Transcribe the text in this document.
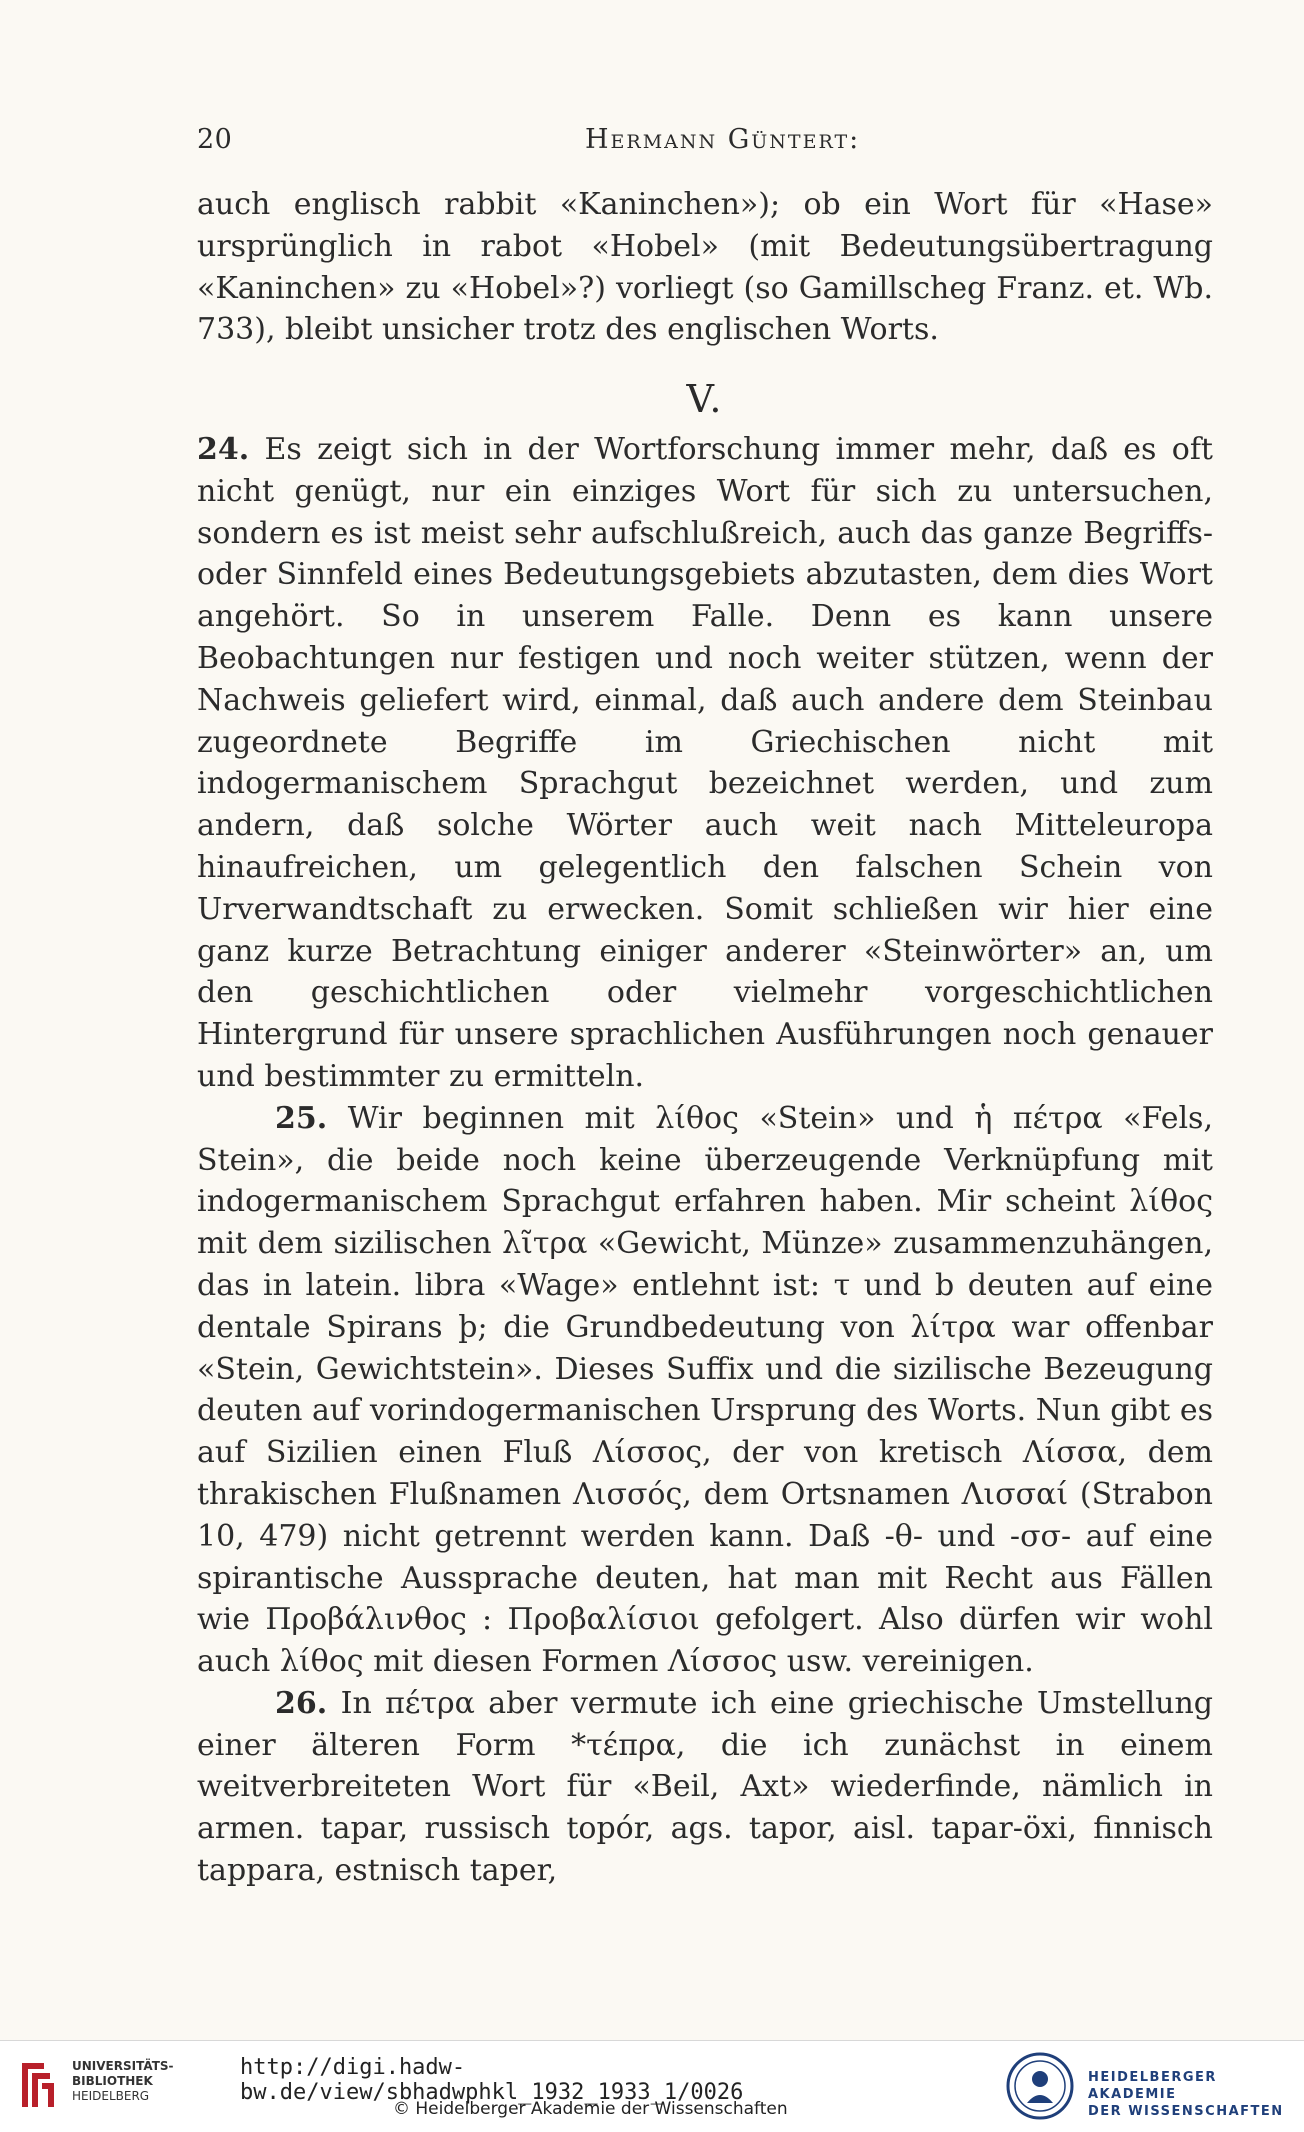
20	Hermann Güntert:

auch englisch rabbit «Kaninchen»); ob ein Wort für «Hase» ursprünglich in rabot «Hobel» (mit Bedeutungsübertragung «Kaninchen» zu «Hobel»?) vorliegt (so Gamillscheg Franz. et. Wb. 733), bleibt unsicher trotz des englischen Worts.

V.

24. Es zeigt sich in der Wortforschung immer mehr, daß es oft nicht genügt, nur ein einziges Wort für sich zu untersuchen, sondern es ist meist sehr aufschlußreich, auch das ganze Begriffs- oder Sinnfeld eines Bedeutungsgebiets abzutasten, dem dies Wort angehört. So in unserem Falle. Denn es kann unsere Beobachtungen nur festigen und noch weiter stützen, wenn der Nachweis geliefert wird, einmal, daß auch andere dem Steinbau zugeordnete Begriffe im Griechischen nicht mit indogermanischem Sprachgut bezeichnet werden, und zum andern, daß solche Wörter auch weit nach Mitteleuropa hinaufreichen, um gelegentlich den falschen Schein von Urverwandtschaft zu erwecken. Somit schließen wir hier eine ganz kurze Betrachtung einiger anderer «Steinwörter» an, um den geschichtlichen oder vielmehr vorgeschichtlichen Hintergrund für unsere sprachlichen Ausführungen noch genauer und bestimmter zu ermitteln.

25. Wir beginnen mit λίθος «Stein» und ἡ πέτρα «Fels, Stein», die beide noch keine überzeugende Verknüpfung mit indogermanischem Sprachgut erfahren haben. Mir scheint λίθος mit dem sizilischen λῖτρα «Gewicht, Münze» zusammenzuhängen, das in latein. libra «Wage» entlehnt ist: τ und b deuten auf eine dentale Spirans þ; die Grundbedeutung von λίτρα war offenbar «Stein, Gewichtstein». Dieses Suffix und die sizilische Bezeugung deuten auf vorindogermanischen Ursprung des Worts. Nun gibt es auf Sizilien einen Fluß Λίσσος, der von kretisch Λίσσα, dem thrakischen Flußnamen Λισσός, dem Ortsnamen Λισσαί (Strabon 10, 479) nicht getrennt werden kann. Daß -θ- und -σσ- auf eine spirantische Aussprache deuten, hat man mit Recht aus Fällen wie Προβάλινθος : Προβαλίσιοι gefolgert. Also dürfen wir wohl auch λίθος mit diesen Formen Λίσσος usw. vereinigen.

26. In πέτρα aber vermute ich eine griechische Umstellung einer älteren Form *τέπρα, die ich zunächst in einem weitverbreiteten Wort für «Beil, Axt» wiederfinde, nämlich in armen. tapar, russisch topór, ags. tapor, aisl. tapar-öxi, finnisch tappara, estnisch taper,

UNIVERSITÄTS-
BIBLIOTHEK
HEIDELBERG
http://digi.hadw-bw.de/view/sbhadwphkl_1932_1933_1/0026
© Heidelberger Akademie der Wissenschaften
HEIDELBERGER AKADEMIE
DER WISSENSCHAFTEN
